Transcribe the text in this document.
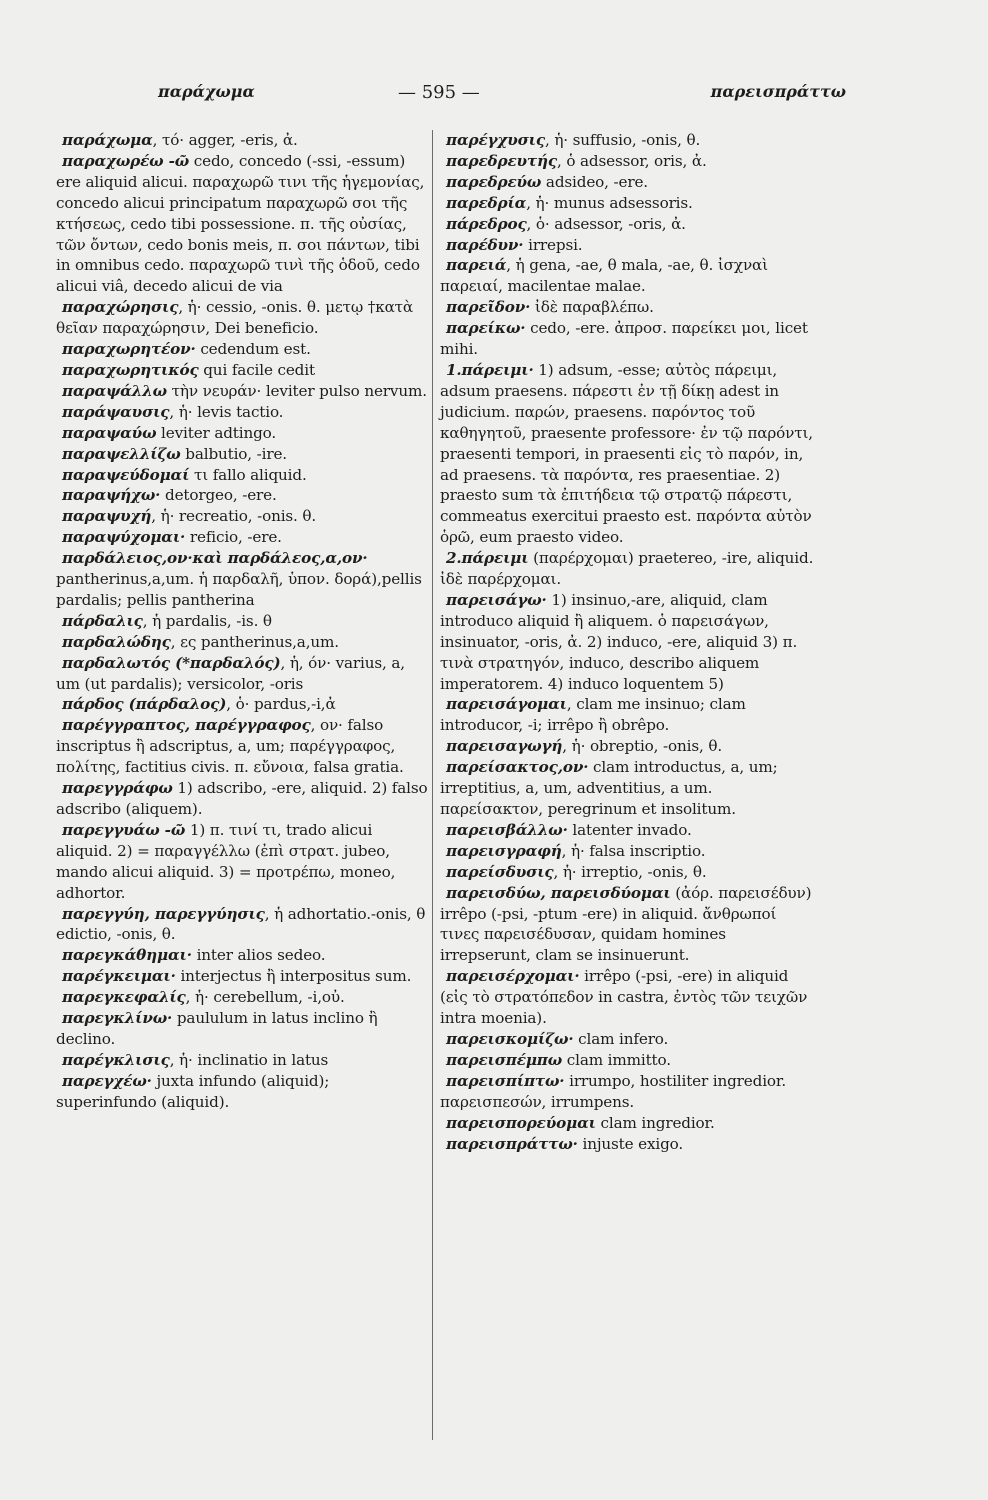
παράχωμα	— 595 —	παρεισπράττω

παράχωμα, τό· agger, -eris, ἀ.

παραχωρέω -ῶ cedo, concedo (-ssi, -essum) ere aliquid alicui. παραχωρῶ τινι τῆς ἡγεμονίας, concedo alicui principatum παραχωρῶ σοι τῆς κτήσεως, cedo tibi possessione. π. τῆς οὐσίας, τῶν ὄντων, cedo bonis meis, π. σοι πάντων, tibi in omnibus cedo. παραχωρῶ τινὶ τῆς ὁδοῦ, cedo alicui viâ, decedo alicui de via

παραχώρησις, ἡ· cessio, -onis. θ. μετῳ †κατὰ θεῖαν παραχώρησιν, Dei beneficio.

παραχωρητέον· cedendum est.

παραχωρητικός qui facile cedit

παραψάλλω τὴν νευράν· leviter pulso nervum.

παράψαυσις, ἡ· levis tactio.

παραψαύω leviter adtingo.

παραψελλίζω balbutio, -ire.

παραψεύδομαί τι fallo aliquid.

παραψήχω· detorgeo, -ere.

παραψυχή, ἡ· recreatio, -onis. θ.

παραψύχομαι· reficio, -ere.

παρδάλειος,ον·καὶ παρδάλεος,α,ον· pantherinus,a,um. ἡ παρδαλῆ, ὑπον. δορά),pellis pardalis; pellis pantherina

πάρδαλις, ἡ pardalis, -is. θ

παρδαλώδης, ες pantherinus,a,um.

παρδαλωτός (*παρδαλός), ἡ, όν· varius, a, um (ut pardalis); versicolor, -oris

πάρδος (πάρδαλος), ὁ· pardus,-i,ἀ

παρέγγραπτος, παρέγγραφος, ον· falso inscriptus ἢ adscriptus, a, um; παρέγγραφος, πολίτης, factitius civis. π. εὔνοια, falsa gratia.

παρεγγράφω 1) adscribo, -ere, aliquid. 2) falso adscribo (aliquem).

παρεγγυάω -ῶ 1) π. τινί τι, trado alicui aliquid. 2) = παραγγέλλω (ἐπὶ στρατ. jubeo, mando alicui aliquid. 3) = προτρέπω, moneo, adhortor.

παρεγγύη, παρεγγύησις, ἡ adhortatio.-onis, θ edictio, -onis, θ.

παρεγκάθημαι· inter alios sedeo.

παρέγκειμαι· interjectus ἢ interpositus sum.

παρεγκεφαλίς, ἡ· cerebellum, -i,οὐ.

παρεγκλίνω· paululum in latus inclino ἢ declino.

παρέγκλισις, ἡ· inclinatio in latus

παρεγχέω· juxta infundo (aliquid); superinfundo (aliquid).

παρέγχυσις, ἡ· suffusio, -onis, θ.

παρεδρευτής, ὁ adsessor, oris, ἀ.

παρεδρεύω adsideo, -ere.

παρεδρία, ἡ· munus adsessoris.

πάρεδρος, ὁ· adsessor, -oris, ἀ.

παρέδυν· irrepsi.

παρειά, ἡ gena, -ae, θ mala, -ae, θ. ἰσχναὶ παρειαί, macilentae malae.

παρεῖδον· ἰδὲ παραβλέπω.

παρείκω· cedo, -ere. ἀπροσ. παρείκει μοι, licet mihi.

1.πάρειμι· 1) adsum, -esse; αὐτὸς πάρειμι, adsum praesens. πάρεστι ἐν τῇ δίκῃ adest in judicium. παρών, praesens. παρόντος τοῦ καθηγητοῦ, praesente professore· ἐν τῷ παρόντι, praesenti tempori, in praesenti εἰς τὸ παρόν, in, ad praesens. τὰ παρόντα, res praesentiae. 2) praesto sum τὰ ἐπιτήδεια τῷ στρατῷ πάρεστι, commeatus exercitui praesto est. παρόντα αὐτὸν ὁρῶ, eum praesto video.

2.πάρειμι (παρέρχομαι) praetereo, -ire, aliquid. ἰδὲ παρέρχομαι.

παρεισάγω· 1) insinuo,-are, aliquid, clam introduco aliquid ἢ aliquem. ὁ παρεισάγων, insinuator, -oris, ἀ. 2) induco, -ere, aliquid 3) π. τινὰ στρατηγόν, induco, describo aliquem imperatorem. 4) induco loquentem 5)

παρεισάγομαι, clam me insinuo; clam introducor, -i; irrêpo ἢ obrêpo.

παρεισαγωγή, ἡ· obreptio, -onis, θ.

παρείσακτος,ον· clam introductus, a, um; irreptitius, a, um, adventitius, a um. παρείσακτον, peregrinum et insolitum.

παρεισβάλλω· latenter invado.

παρεισγραφή, ἡ· falsa inscriptio.

παρείσδυσις, ἡ· irreptio, -onis, θ.

παρεισδύω, παρεισδύομαι (ἀόρ. παρεισέδυν) irrêpo (-psi, -ptum -ere) in aliquid. ἄνθρωποί τινες παρεισέδυσαν, quidam homines irrepserunt, clam se insinuerunt.

παρεισέρχομαι· irrêpo (-psi, -ere) in aliquid (εἰς τὸ στρατόπεδον in castra, ἐντὸς τῶν τειχῶν intra moenia).

παρεισκομίζω· clam infero.

παρεισπέμπω clam immitto.

παρεισπίπτω· irrumpo, hostiliter ingredior. παρεισπεσών, irrumpens.

παρεισπορεύομαι clam ingredior.

παρεισπράττω· injuste exigo.
